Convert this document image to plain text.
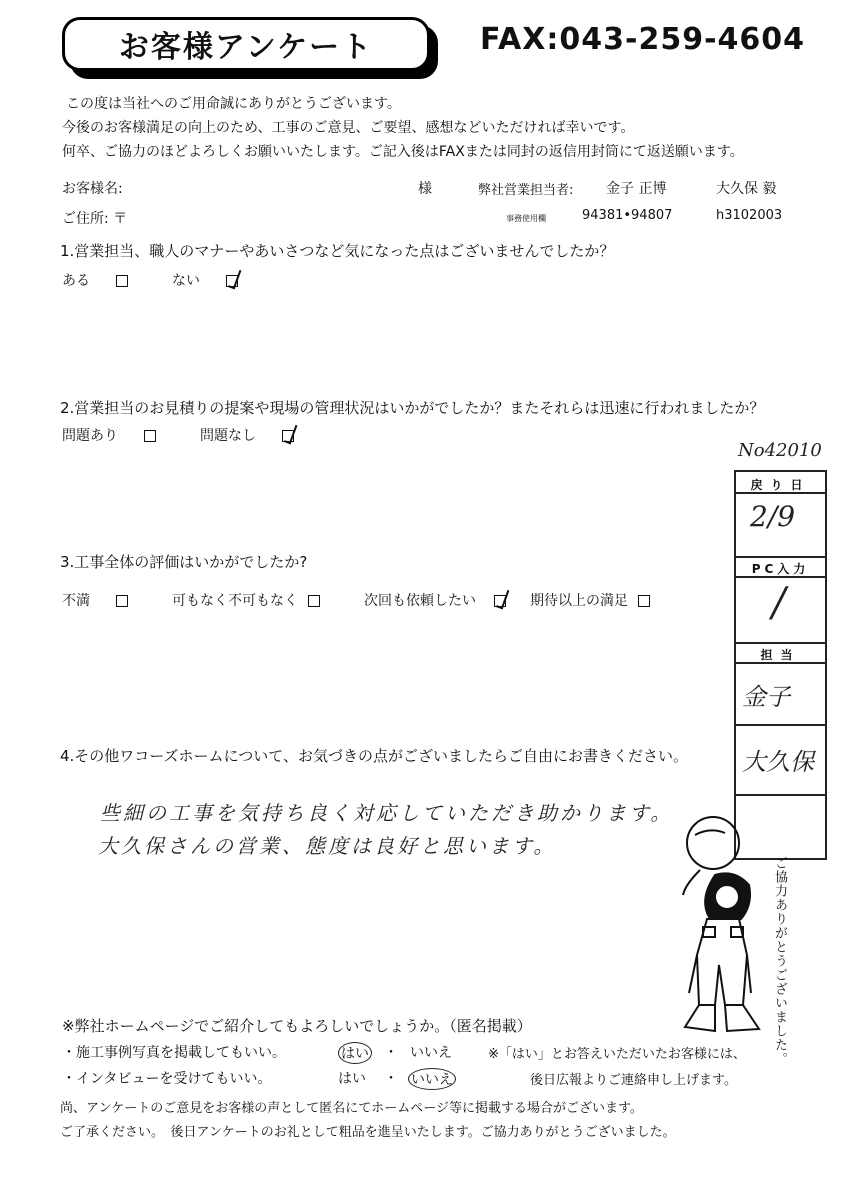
お客様アンケート	FAX:043-259-4604
この度は当社へのご用命誠にありがとうございます。
今後のお客様満足の向上のため、工事のご意見、ご要望、感想などいただければ幸いです。
何卒、ご協力のほどよろしくお願いいたします。ご記入後はFAXまたは同封の返信用封筒にて返送願います。
お客様名:	様	弊社営業担当者: 金子 正博	大久保 毅
ご住所: 〒	事務使用欄	94381•94807	h3102003
1.営業担当、職人のマナーやあいさつなど気になった点はございませんでしたか？
ある	ない
2.営業担当のお見積りの提案や現場の管理状況はいかがでしたか？またそれらは迅速に行われましたか？
問題あり	問題なし
3.工事全体の評価はいかがでしたか?
不満	可もなく不可もなく	次回も依頼したい	期待以上の満足
4.その他ワコーズホームについて、お気づきの点がございましたらご自由にお書きください。
些細の工事を気持ち良く対応していただき助かります。
大久保さんの営業、態度は良好と思います。
No42010
戻り日
2/9
PC入力
/
担当
金子
大久保
ご協力ありがとうございました。
※弊社ホームページでご紹介してもよろしいでしょうか。（匿名掲載）
・施工事例写真を掲載してもいい。	はい ・ いいえ	※「はい」とお答えいただいたお客様には、
・インタビューを受けてもいい。	はい ・ いいえ	後日広報よりご連絡申し上げます。
尚、アンケートのご意見をお客様の声として匿名にてホームページ等に掲載する場合がございます。
ご了承ください。　後日アンケートのお礼として粗品を進呈いたします。ご協力ありがとうございました。
